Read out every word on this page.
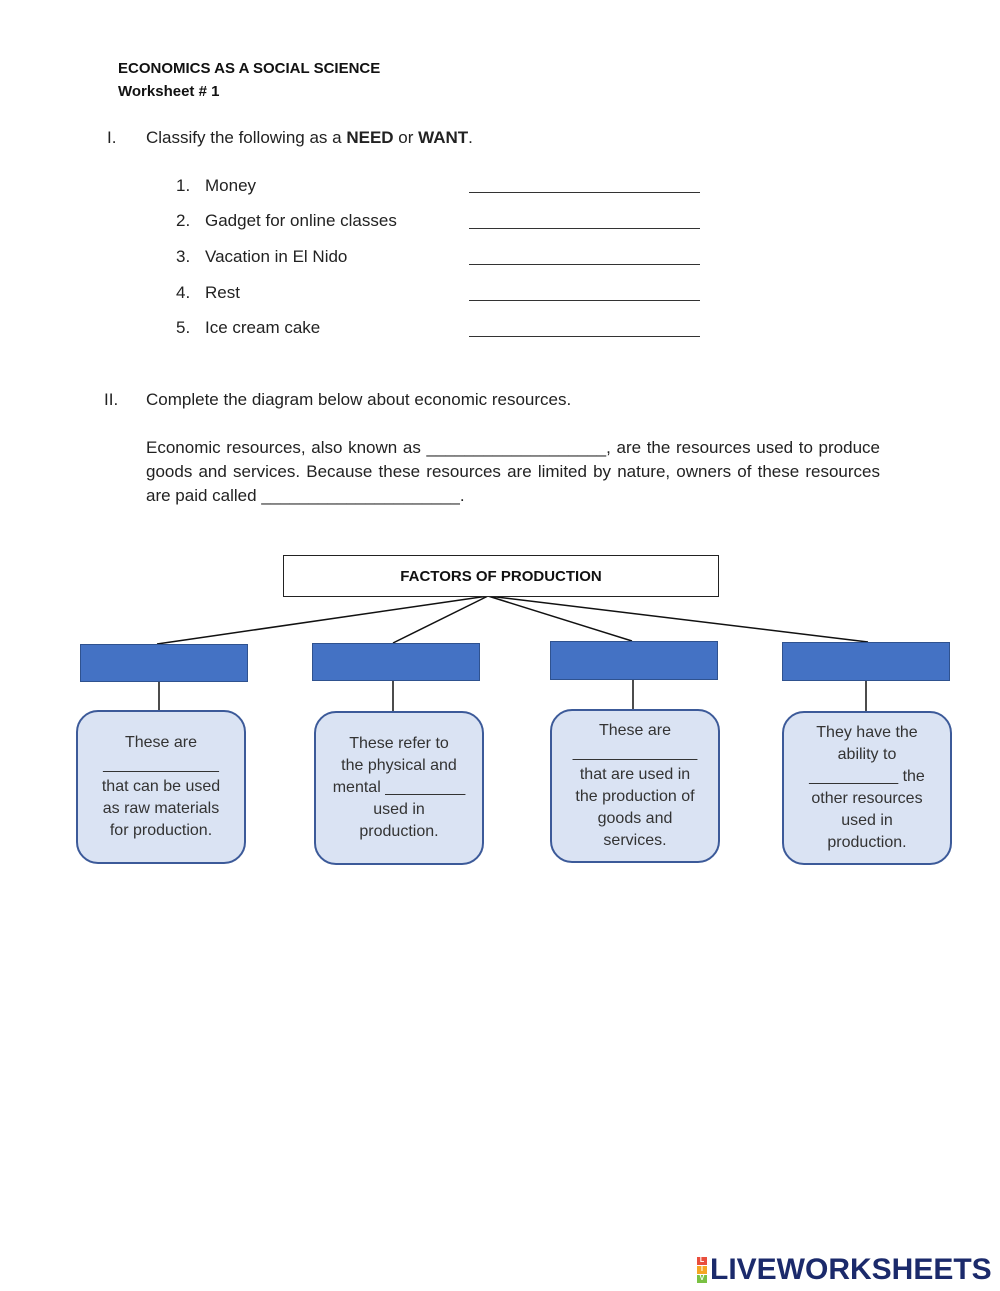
ECONOMICS AS A SOCIAL SCIENCE
Worksheet # 1
I. Classify the following as a NEED or WANT.
1. Money
2. Gadget for online classes
3. Vacation in El Nido
4. Rest
5. Ice cream cake
II. Complete the diagram below about economic resources.
Economic resources, also known as ___________________, are the resources used to produce goods and services. Because these resources are limited by nature, owners of these resources are paid called _____________________.
FACTORS OF PRODUCTION
These are
_____________
that can be used
as raw materials
for production.
These refer to
the physical and
mental _________
used in
production.
These are
______________
that are used in
the production of
goods and
services.
They have the
ability to
__________ the
other resources
used in
production.
L
I
V LIVEWORKSHEETS
